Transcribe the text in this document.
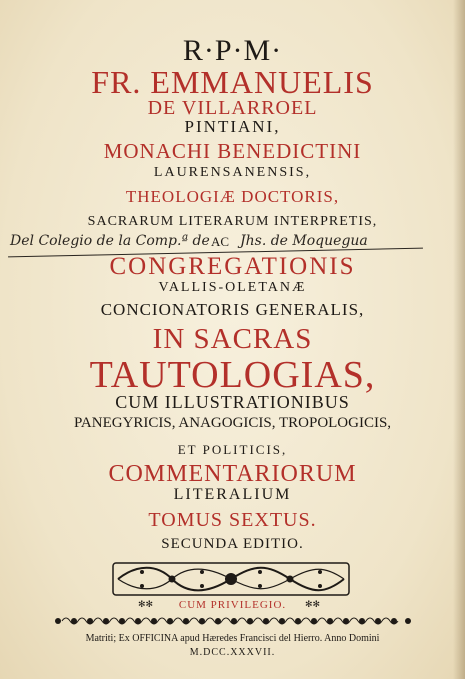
R·P·M·
FR. EMMANUELIS
DE VILLARROEL
PINTIANI,
MONACHI BENEDICTINI
LAURENSANENSIS,
THEOLOGIÆ DOCTORIS,
SACRARUM LITERARUM INTERPRETIS,
Del Colegio de la Comp.ª de AC Jhs. de Moquegua
CONGREGATIONIS
VALLIS-OLETANÆ
CONCIONATORIS GENERALIS,
IN SACRAS
TAUTOLOGIAS,
CUM ILLUSTRATIONIBUS
PANEGYRICIS, ANAGOGICIS, TROPOLOGICIS,
ET POLITICIS,
COMMENTARIORUM
LITERALIUM
TOMUS SEXTUS.
SECUNDA EDITIO.
✻✻	✻✻
CUM PRIVILEGIO.
Matriti; Ex OFFICINA apud Hæredes Francisci del Hierro. Anno Domini
M.DCC.XXXVII.
